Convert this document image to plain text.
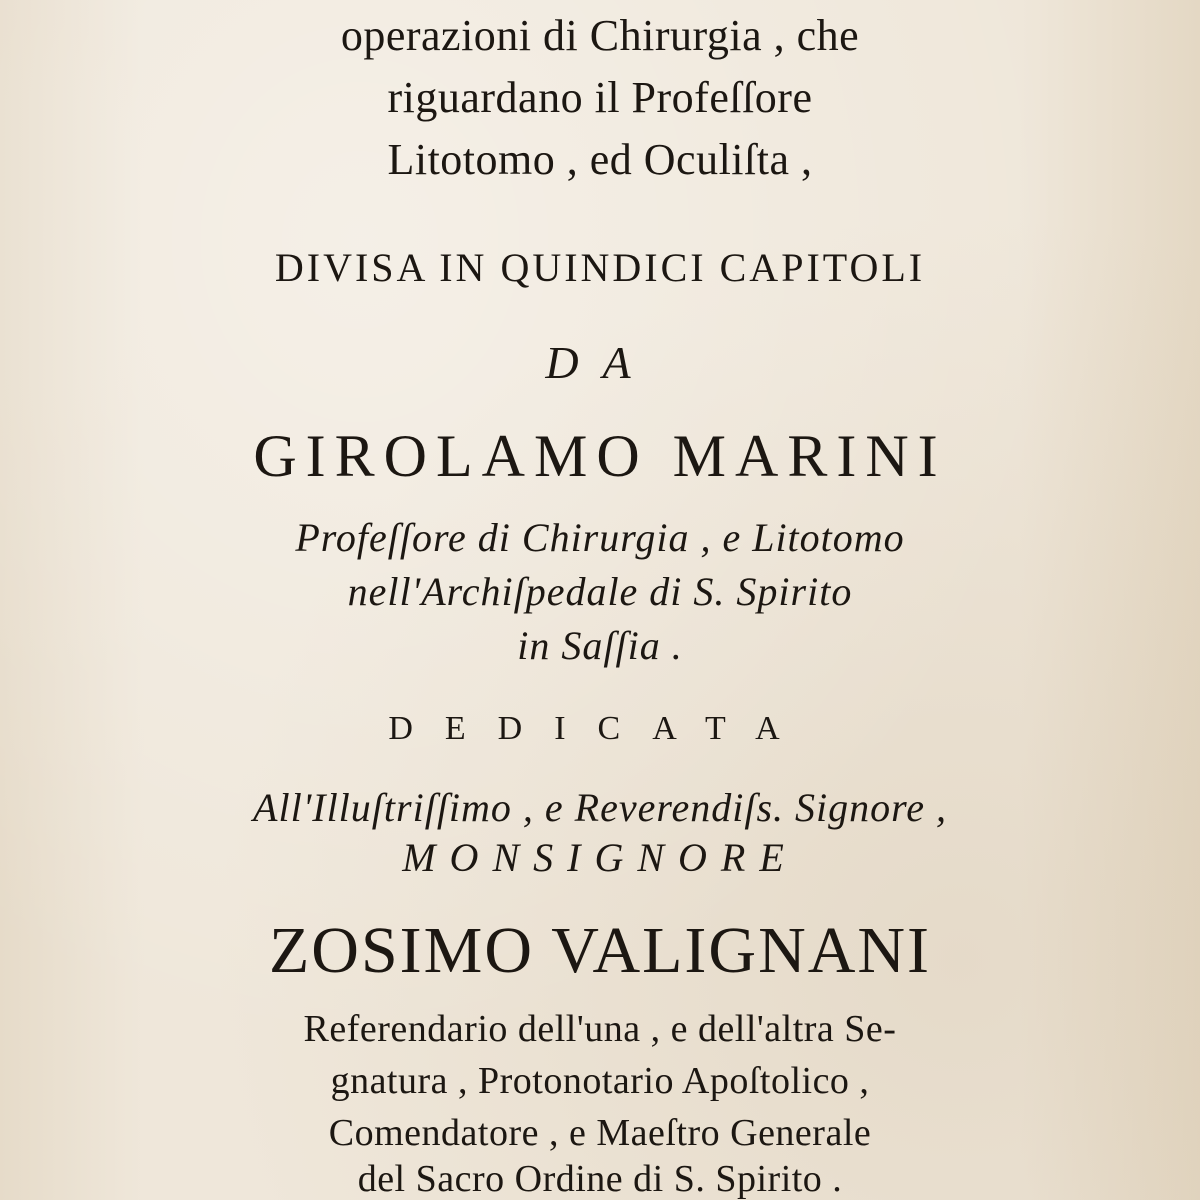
operazioni di Chirurgia , che
riguardano il Profeſſore
Litotomo , ed Oculiſta ,
DIVISA IN QUINDICI CAPITOLI
DA
GIROLAMO MARINI
Profeſſore di Chirurgia , e Litotomo
nell'Archiſpedale di S. Spirito
in Saſſia .
DEDICATA
All'Illuſtriſſimo , e Reverendiſs. Signore ,
MONSIGNORE
ZOSIMO VALIGNANI
Referendario dell'una , e dell'altra Se-
gnatura , Protonotario Apoſtolico ,
Comendatore , e Maeſtro Generale
del Sacro Ordine di S. Spirito .
